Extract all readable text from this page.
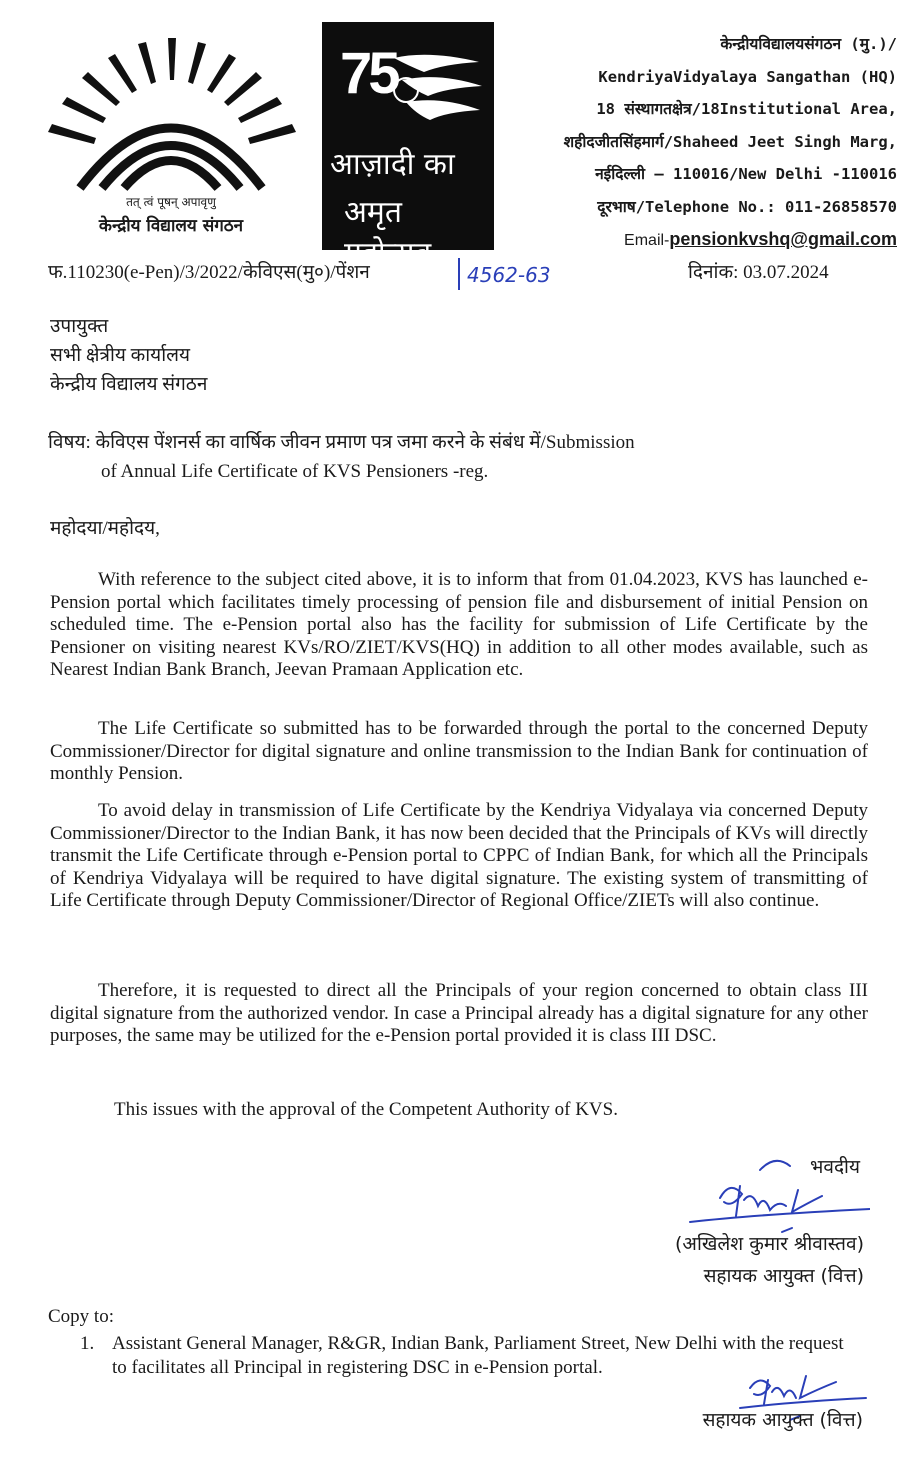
तत् त्वं पूषन् अपावृणु
केन्द्रीय विद्यालय संगठन
75
आज़ादी का
अमृत महोत्सव
केन्द्रीयविद्यालयसंगठन (मु.)/
KendriyaVidyalaya Sangathan (HQ)
18 संस्थागतक्षेत्र/18Institutional Area,
शहीदजीतसिंहमार्ग/Shaheed Jeet Singh Marg,
नईदिल्ली – 110016/New Delhi -110016
दूरभाष/Telephone No.: 011-26858570
Email-pensionkvshq@gmail.com
फ.110230(e-Pen)/3/2022/केविएस(मु०)/पेंशन	4562-63	दिनांक: 03.07.2024
उपायुक्त
सभी क्षेत्रीय कार्यालय
केन्द्रीय विद्यालय संगठन
विषय: केविएस पेंशनर्स का वार्षिक जीवन प्रमाण पत्र जमा करने के संबंध में/Submission
of Annual Life Certificate of KVS Pensioners -reg.
महोदया/महोदय,
With reference to the subject cited above, it is to inform that from 01.04.2023, KVS has launched e-Pension portal which facilitates timely processing of pension file and disbursement of initial Pension on scheduled time. The e-Pension portal also has the facility for submission of Life Certificate by the Pensioner on visiting nearest KVs/RO/ZIET/KVS(HQ) in addition to all other modes available, such as Nearest Indian Bank Branch, Jeevan Pramaan Application etc.
The Life Certificate so submitted has to be forwarded through the portal to the concerned Deputy Commissioner/Director for digital signature and online transmission to the Indian Bank for continuation of monthly Pension.
To avoid delay in transmission of Life Certificate by the Kendriya Vidyalaya via concerned Deputy Commissioner/Director to the Indian Bank, it has now been decided that the Principals of KVs will directly transmit the Life Certificate through e-Pension portal to CPPC of Indian Bank, for which all the Principals of Kendriya Vidyalaya will be required to have digital signature. The existing system of transmitting of Life Certificate through Deputy Commissioner/Director of Regional Office/ZIETs will also continue.
Therefore, it is requested to direct all the Principals of your region concerned to obtain class III digital signature from the authorized vendor. In case a Principal already has a digital signature for any other purposes, the same may be utilized for the e-Pension portal provided it is class III DSC.
This issues with the approval of the Competent Authority of KVS.
भवदीय
(अखिलेश कुमार श्रीवास्तव)
सहायक आयुक्त (वित्त)
Copy to:
1. Assistant General Manager, R&GR, Indian Bank, Parliament Street, New Delhi with the request to facilitates all Principal in registering DSC in e-Pension portal.
सहायक आयुक्त (वित्त)
